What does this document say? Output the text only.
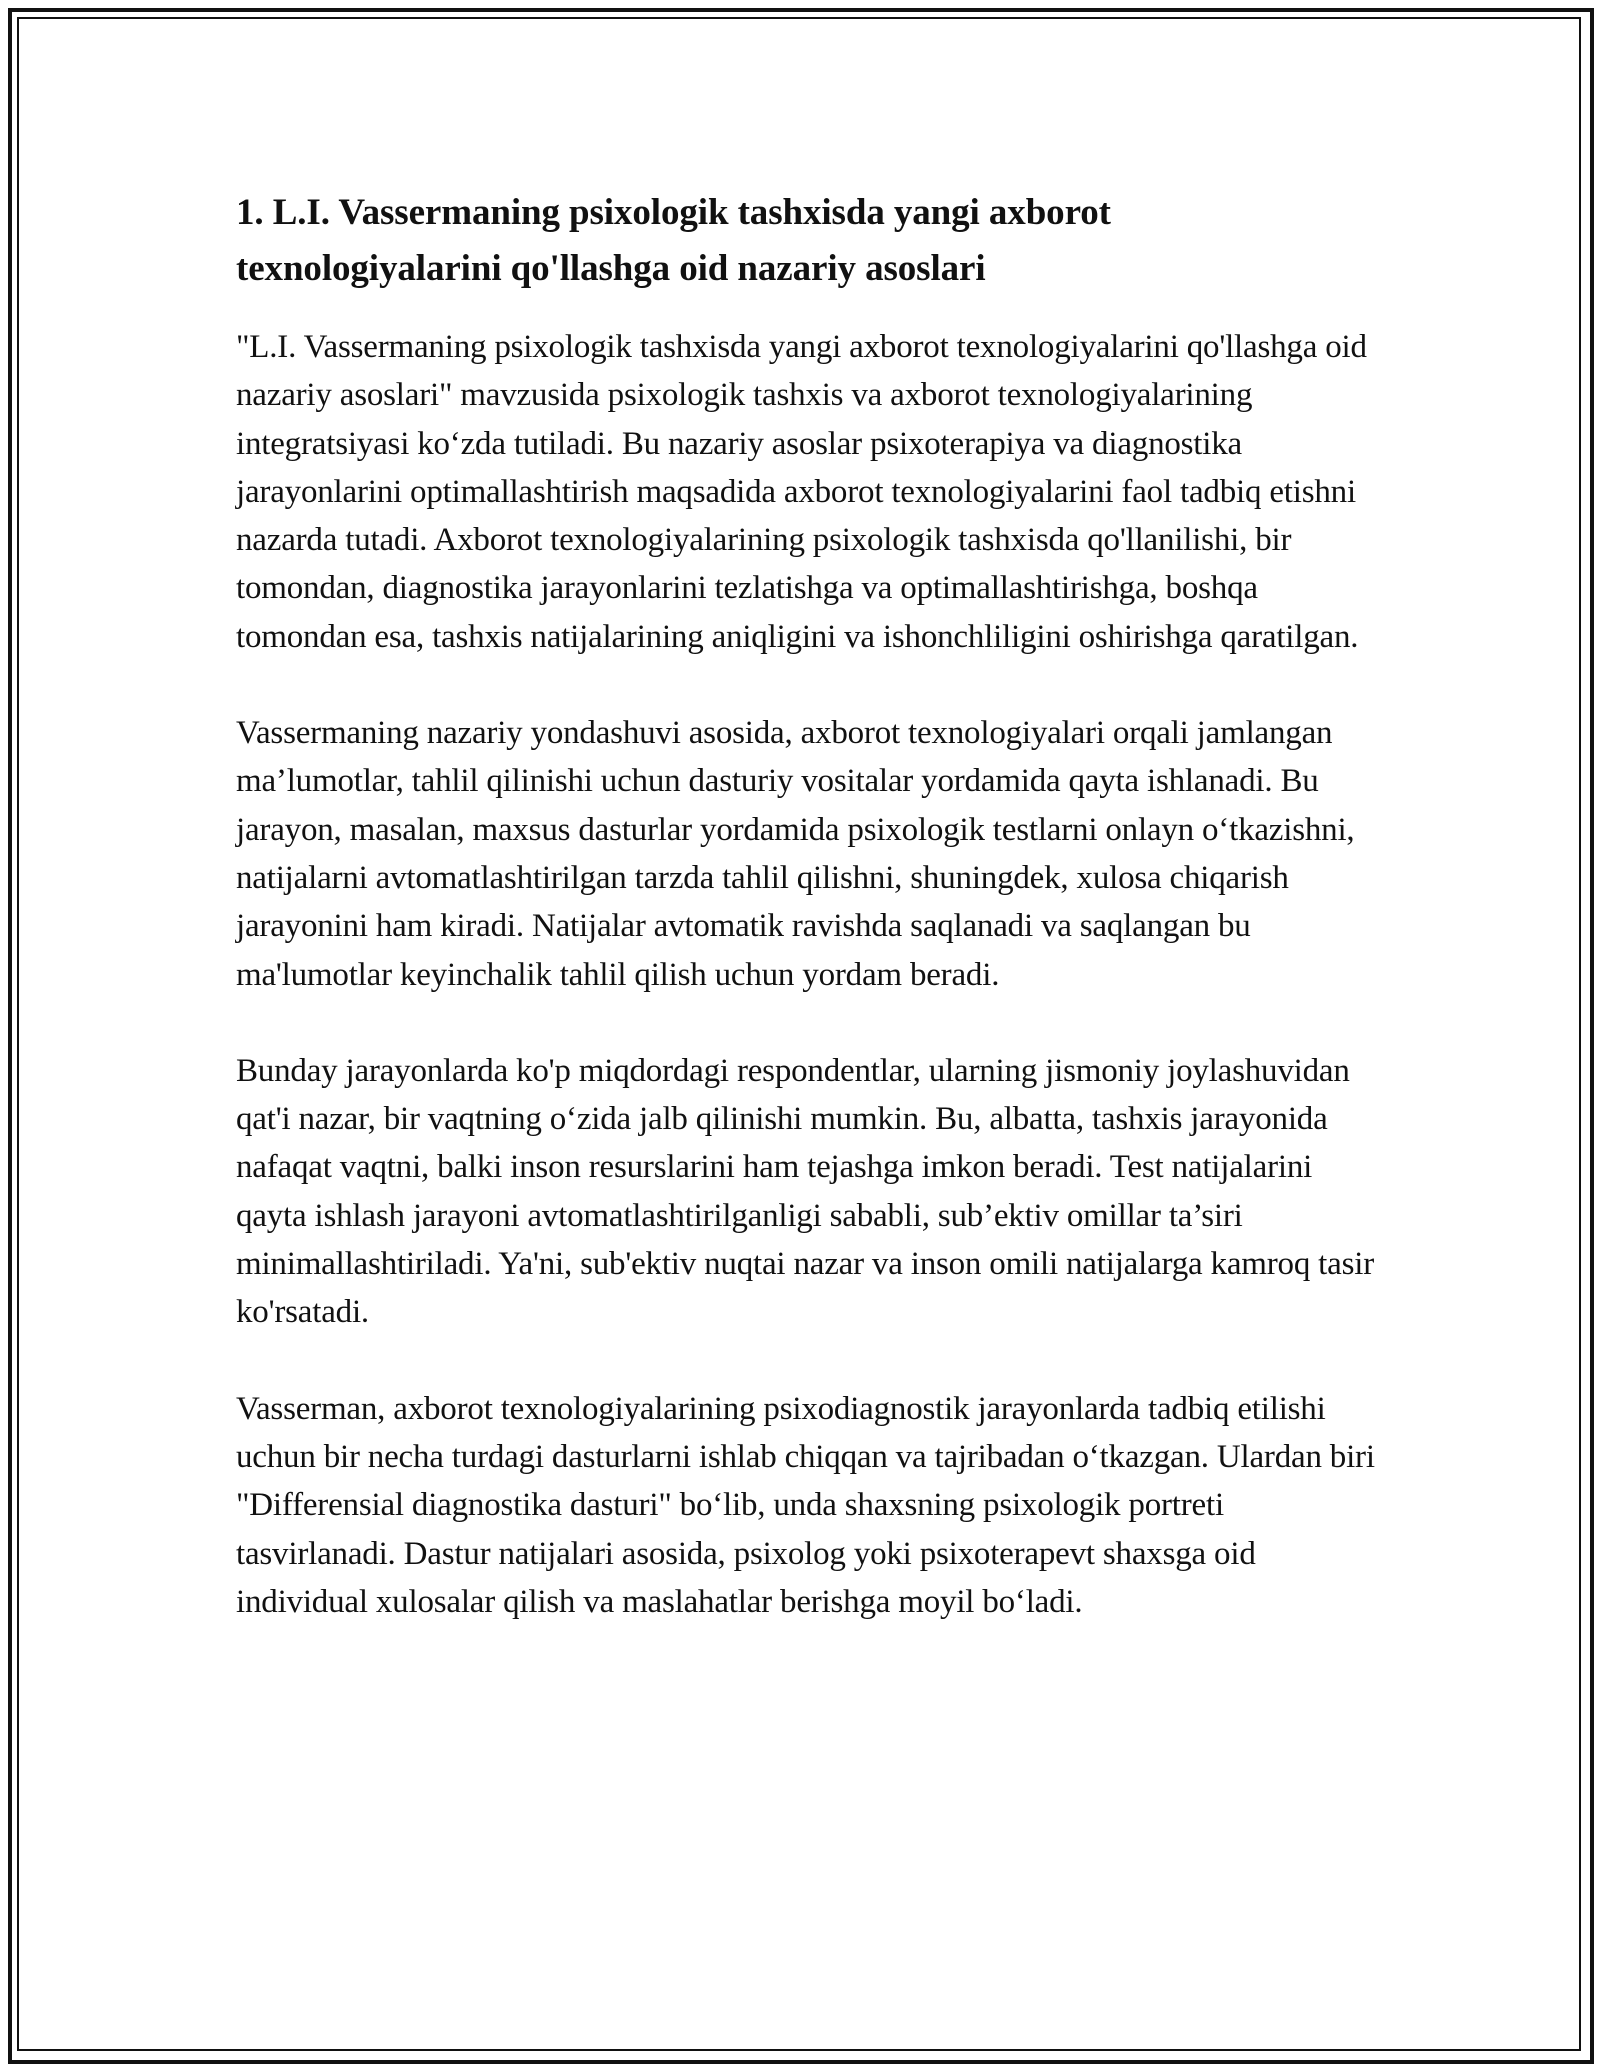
1. L.I. Vassermaning psixologik tashxisda yangi axborot
texnologiyalarini qo'llashga oid nazariy asoslari

"L.I. Vassermaning psixologik tashxisda yangi axborot texnologiyalarini qo'llashga oid nazariy asoslari" mavzusida psixologik tashxis va axborot texnologiyalarining integratsiyasi ko‘zda tutiladi. Bu nazariy asoslar psixoterapiya va diagnostika jarayonlarini optimallashtirish maqsadida axborot texnologiyalarini faol tadbiq etishni nazarda tutadi. Axborot texnologiyalarining psixologik tashxisda qo'llanilishi, bir tomondan, diagnostika jarayonlarini tezlatishga va optimallashtirishga, boshqa tomondan esa, tashxis natijalarining aniqligini va ishonchliligini oshirishga qaratilgan.

Vassermaning nazariy yondashuvi asosida, axborot texnologiyalari orqali jamlangan ma’lumotlar, tahlil qilinishi uchun dasturiy vositalar yordamida qayta ishlanadi. Bu jarayon, masalan, maxsus dasturlar yordamida psixologik testlarni onlayn o‘tkazishni, natijalarni avtomatlashtirilgan tarzda tahlil qilishni, shuningdek, xulosa chiqarish jarayonini ham kiradi. Natijalar avtomatik ravishda saqlanadi va saqlangan bu ma'lumotlar keyinchalik tahlil qilish uchun yordam beradi.

Bunday jarayonlarda ko'p miqdordagi respondentlar, ularning jismoniy joylashuvidan qat'i nazar, bir vaqtning o‘zida jalb qilinishi mumkin. Bu, albatta, tashxis jarayonida nafaqat vaqtni, balki inson resurslarini ham tejashga imkon beradi. Test natijalarini qayta ishlash jarayoni avtomatlashtirilganligi sababli, sub’ektiv omillar ta’siri minimallashtiriladi. Ya'ni, sub'ektiv nuqtai nazar va inson omili natijalarga kamroq tasir ko'rsatadi.

Vasserman, axborot texnologiyalarining psixodiagnostik jarayonlarda tadbiq etilishi uchun bir necha turdagi dasturlarni ishlab chiqqan va tajribadan o‘tkazgan. Ulardan biri "Differensial diagnostika dasturi" bo‘lib, unda shaxsning psixologik portreti tasvirlanadi. Dastur natijalari asosida, psixolog yoki psixoterapevt shaxsga oid individual xulosalar qilish va maslahatlar berishga moyil bo‘ladi.
